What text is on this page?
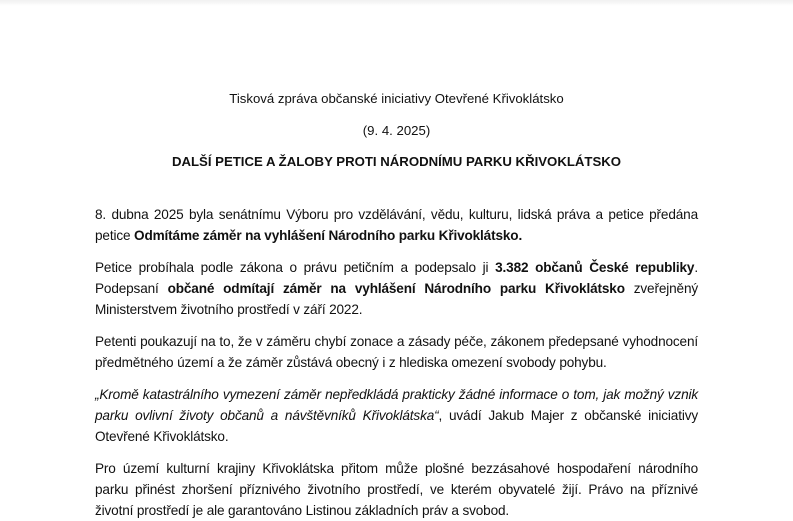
Tisková zpráva občanské iniciativy Otevřené Křivoklátsko

(9. 4. 2025)

DALŠÍ PETICE A ŽALOBY PROTI NÁRODNÍMU PARKU KŘIVOKLÁTSKO

8. dubna 2025 byla senátnímu Výboru pro vzdělávání, vědu, kulturu, lidská práva a petice předána petice Odmítáme záměr na vyhlášení Národního parku Křivoklátsko.

Petice probíhala podle zákona o právu petičním a podepsalo ji 3.382 občanů České republiky. Podepsaní občané odmítají záměr na vyhlášení Národního parku Křivoklátsko zveřejněný Ministerstvem životního prostředí v září 2022.

Petenti poukazují na to, že v záměru chybí zonace a zásady péče, zákonem předepsané vyhodnocení předmětného území a že záměr zůstává obecný i z hlediska omezení svobody pohybu.

„Kromě katastrálního vymezení záměr nepředkládá prakticky žádné informace o tom, jak možný vznik parku ovlivní životy občanů a návštěvníků Křivoklátska“, uvádí Jakub Majer z občanské iniciativy Otevřené Křivoklátsko.

Pro území kulturní krajiny Křivoklátska přitom může plošné bezzásahové hospodaření národního parku přinést zhoršení příznivého životního prostředí, ve kterém obyvatelé žijí. Právo na příznivé životní prostředí je ale garantováno Listinou základních práv a svobod.
